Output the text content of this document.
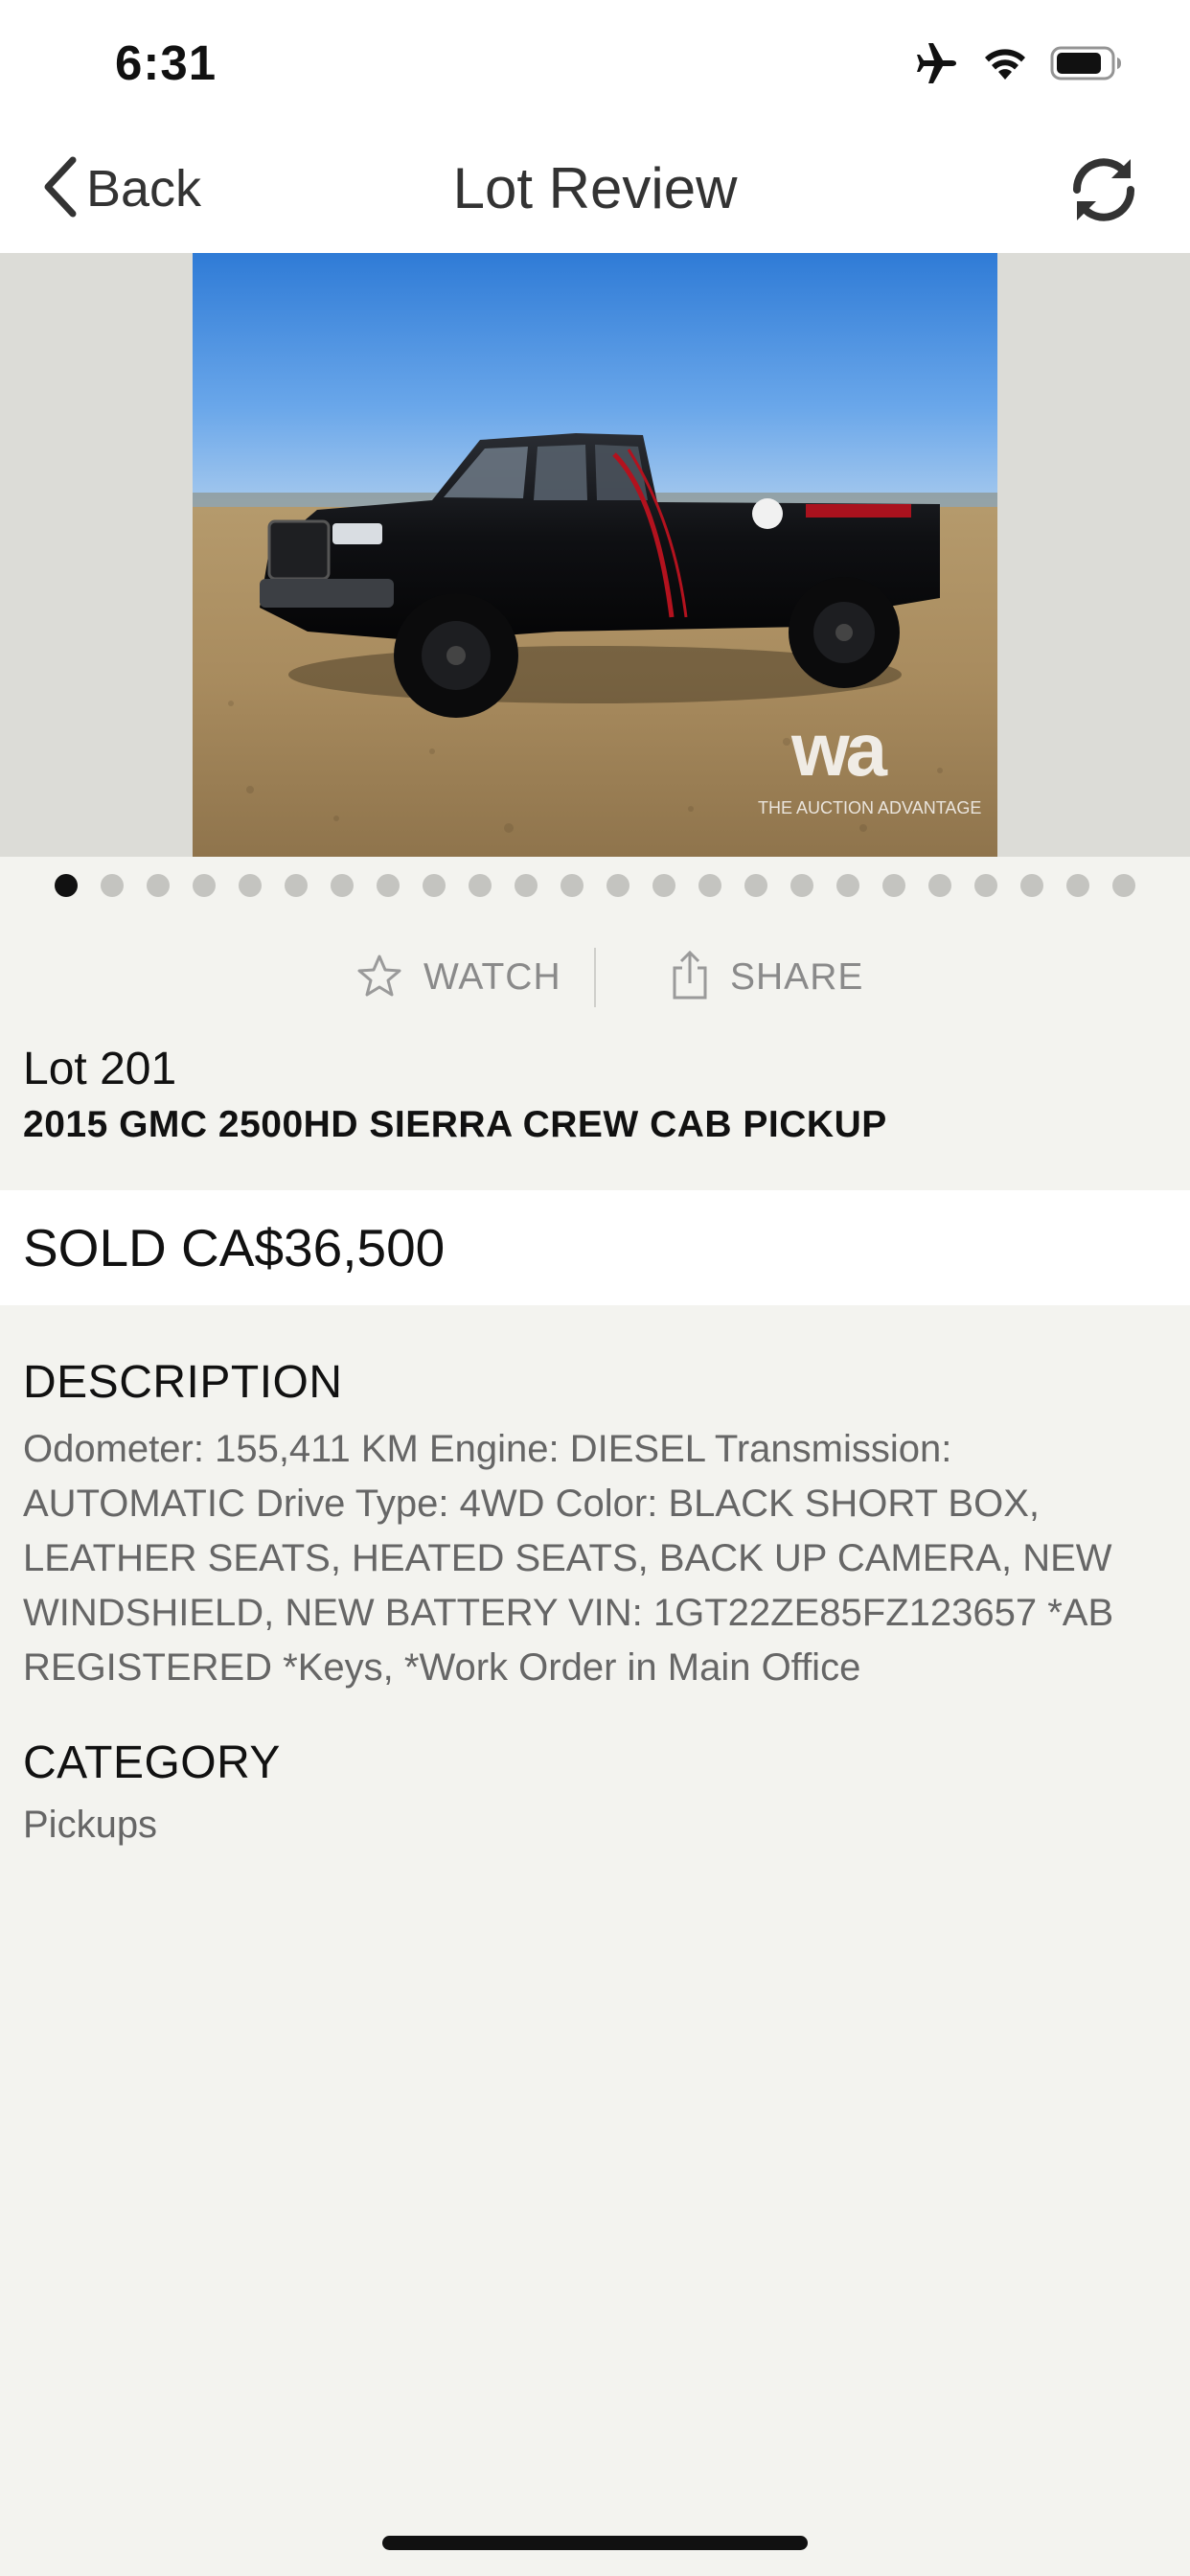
6:31
Back	Lot Review
wa
THE AUCTION ADVANTAGE
WATCH	SHARE
Lot 201
2015 GMC 2500HD SIERRA CREW CAB PICKUP
SOLD CA$36,500
DESCRIPTION
Odometer: 155,411 KM Engine: DIESEL Transmission: AUTOMATIC Drive Type: 4WD Color: BLACK SHORT BOX, LEATHER SEATS, HEATED SEATS, BACK UP CAMERA, NEW WINDSHIELD, NEW BATTERY VIN: 1GT22ZE85FZ123657 *AB REGISTERED *Keys, *Work Order in Main Office
CATEGORY
Pickups
